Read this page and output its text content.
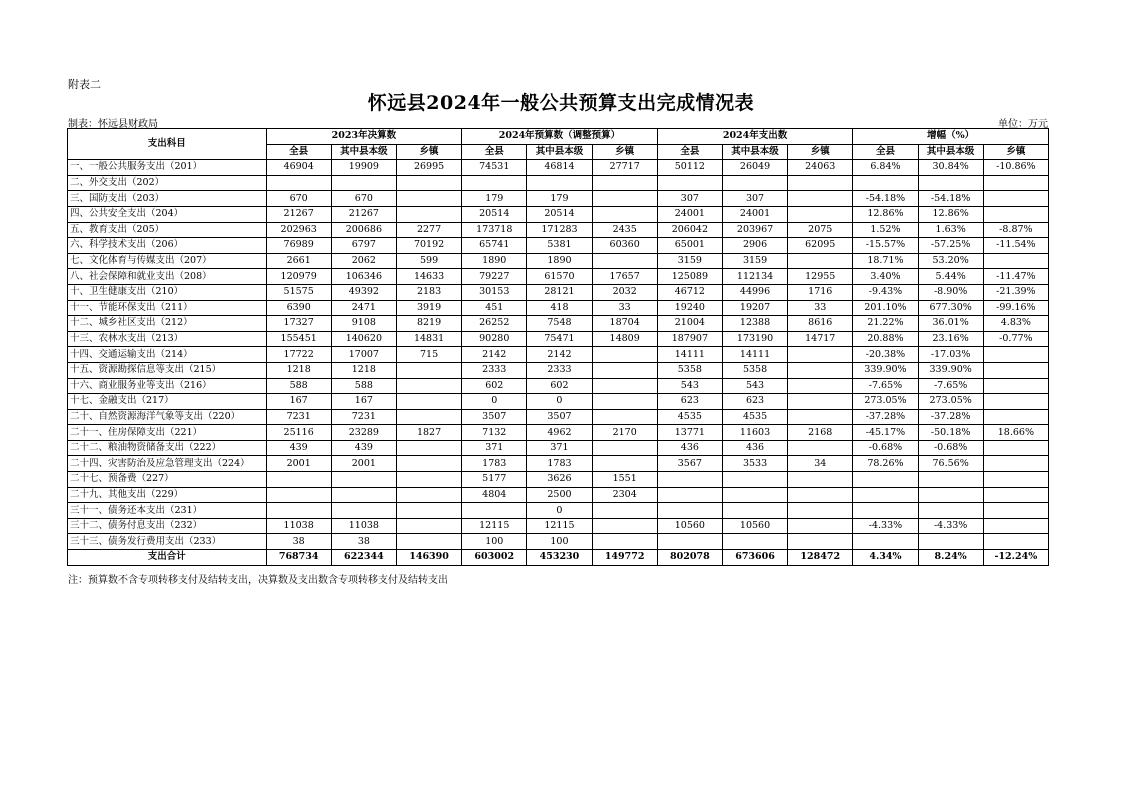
附表二
怀远县2024年一般公共预算支出完成情况表
制表：怀远县财政局	单位：万元
支出科目	2023年决算数			2024年预算数（调整预算）			2024年支出数			增幅（%）		
	全县	其中县本级	乡镇	全县	其中县本级	乡镇	全县	其中县本级	乡镇	全县	其中县本级	乡镇
一、一般公共服务支出（201）	46904	19909	26995	74531	46814	27717	50112	26049	24063	6.84%	30.84%	-10.86%
二、外交支出（202）												
三、国防支出（203）	670	670		179	179		307	307		-54.18%	-54.18%	
四、公共安全支出（204）	21267	21267		20514	20514		24001	24001		12.86%	12.86%	
五、教育支出（205）	202963	200686	2277	173718	171283	2435	206042	203967	2075	1.52%	1.63%	-8.87%
六、科学技术支出（206）	76989	6797	70192	65741	5381	60360	65001	2906	62095	-15.57%	-57.25%	-11.54%
七、文化体育与传媒支出（207）	2661	2062	599	1890	1890		3159	3159		18.71%	53.20%	
八、社会保障和就业支出（208）	120979	106346	14633	79227	61570	17657	125089	112134	12955	3.40%	5.44%	-11.47%
十、卫生健康支出（210）	51575	49392	2183	30153	28121	2032	46712	44996	1716	-9.43%	-8.90%	-21.39%
十一、节能环保支出（211）	6390	2471	3919	451	418	33	19240	19207	33	201.10%	677.30%	-99.16%
十二、城乡社区支出（212）	17327	9108	8219	26252	7548	18704	21004	12388	8616	21.22%	36.01%	4.83%
十三、农林水支出（213）	155451	140620	14831	90280	75471	14809	187907	173190	14717	20.88%	23.16%	-0.77%
十四、交通运输支出（214）	17722	17007	715	2142	2142		14111	14111		-20.38%	-17.03%	
十五、资源勘探信息等支出（215）	1218	1218		2333	2333		5358	5358		339.90%	339.90%	
十六、商业服务业等支出（216）	588	588		602	602		543	543		-7.65%	-7.65%	
十七、金融支出（217）	167	167		0	0		623	623		273.05%	273.05%	
二十、自然资源海洋气象等支出（220）	7231	7231		3507	3507		4535	4535		-37.28%	-37.28%	
二十一、住房保障支出（221）	25116	23289	1827	7132	4962	2170	13771	11603	2168	-45.17%	-50.18%	18.66%
二十二、粮油物资储备支出（222）	439	439		371	371		436	436		-0.68%	-0.68%	
二十四、灾害防治及应急管理支出（224）	2001	2001		1783	1783		3567	3533	34	78.26%	76.56%	
二十七、预备费（227）				5177	3626	1551						
二十九、其他支出（229）				4804	2500	2304						
三十一、债务还本支出（231）					0							
三十二、债务付息支出（232）	11038	11038		12115	12115		10560	10560		-4.33%	-4.33%	
三十三、债务发行费用支出（233）	38	38		100	100							
支出合计	768734	622344	146390	603002	453230	149772	802078	673606	128472	4.34%	8.24%	-12.24%
注：预算数不含专项转移支付及结转支出，决算数及支出数含专项转移支付及结转支出
